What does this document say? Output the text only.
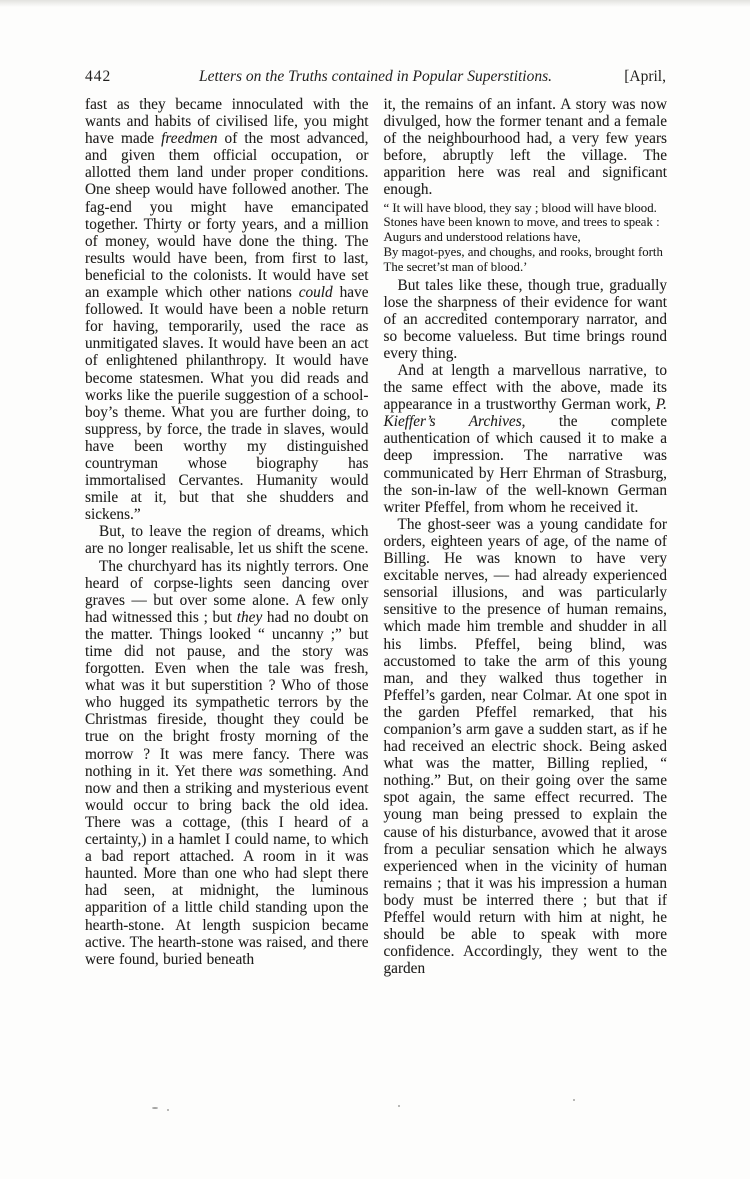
442	Letters on the Truths contained in Popular Superstitions.	[April,

fast as they became innoculated with the wants and habits of civilised life, you might have made freedmen of the most advanced, and given them official occupation, or allotted them land under proper conditions. One sheep would have followed another. The fag-end you might have emancipated together. Thirty or forty years, and a million of money, would have done the thing. The results would have been, from first to last, beneficial to the colonists. It would have set an example which other nations could have followed. It would have been a noble return for having, temporarily, used the race as unmitigated slaves. It would have been an act of enlightened philanthropy. It would have become statesmen. What you did reads and works like the puerile suggestion of a school-boy’s theme. What you are further doing, to suppress, by force, the trade in slaves, would have been worthy my distinguished countryman whose biography has immortalised Cervantes. Humanity would smile at it, but that she shudders and sickens.”

But, to leave the region of dreams, which are no longer realisable, let us shift the scene.

The churchyard has its nightly terrors. One heard of corpse-lights seen dancing over graves — but over some alone. A few only had witnessed this ; but they had no doubt on the matter. Things looked “ uncanny ;” but time did not pause, and the story was forgotten. Even when the tale was fresh, what was it but superstition ? Who of those who hugged its sympathetic terrors by the Christmas fireside, thought they could be true on the bright frosty morning of the morrow ? It was mere fancy. There was nothing in it. Yet there was something. And now and then a striking and mysterious event would occur to bring back the old idea. There was a cottage, (this I heard of a certainty,) in a hamlet I could name, to which a bad report attached. A room in it was haunted. More than one who had slept there had seen, at midnight, the luminous apparition of a little child standing upon the hearth-stone. At length suspicion became active. The hearth-stone was raised, and there were found, buried beneath

it, the remains of an infant. A story was now divulged, how the former tenant and a female of the neighbourhood had, a very few years before, abruptly left the village. The apparition here was real and significant enough.

“ It will have blood, they say ; blood will have blood.
Stones have been known to move, and trees to speak :
Augurs and understood relations have,
By magot-pyes, and choughs, and rooks, brought forth
The secret’st man of blood.’

But tales like these, though true, gradually lose the sharpness of their evidence for want of an accredited contemporary narrator, and so become valueless. But time brings round every thing.

And at length a marvellous narrative, to the same effect with the above, made its appearance in a trustworthy German work, P. Kieffer’s Archives, the complete authentication of which caused it to make a deep impression. The narrative was communicated by Herr Ehrman of Strasburg, the son-in-law of the well-known German writer Pfeffel, from whom he received it.

The ghost-seer was a young candidate for orders, eighteen years of age, of the name of Billing. He was known to have very excitable nerves, — had already experienced sensorial illusions, and was particularly sensitive to the presence of human remains, which made him tremble and shudder in all his limbs. Pfeffel, being blind, was accustomed to take the arm of this young man, and they walked thus together in Pfeffel’s garden, near Colmar. At one spot in the garden Pfeffel remarked, that his companion’s arm gave a sudden start, as if he had received an electric shock. Being asked what was the matter, Billing replied, “ nothing.” But, on their going over the same spot again, the same effect recurred. The young man being pressed to explain the cause of his disturbance, avowed that it arose from a peculiar sensation which he always experienced when in the vicinity of human remains ; that it was his impression a human body must be interred there ; but that if Pfeffel would return with him at night, he should be able to speak with more confidence. Accordingly, they went to the garden
